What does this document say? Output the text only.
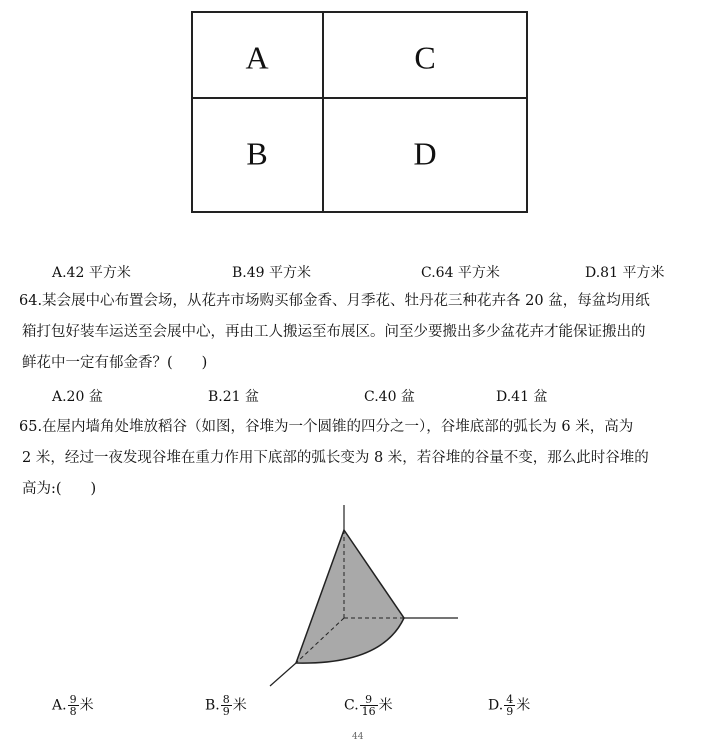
A	C
B	D
A.42 平方米	B.49 平方米	C.64 平方米	D.81 平方米
64.某会展中心布置会场，从花卉市场购买郁金香、月季花、牡丹花三种花卉各 20 盆，每盆均用纸
箱打包好装车运送至会展中心，再由工人搬运至布展区。问至少要搬出多少盆花卉才能保证搬出的
鲜花中一定有郁金香？(　　)
A.20 盆	B.21 盆	C.40 盆	D.41 盆
65.在屋内墙角处堆放稻谷（如图，谷堆为一个圆锥的四分之一），谷堆底部的弧长为 6 米，高为
2 米，经过一夜发现谷堆在重力作用下底部的弧长变为 8 米，若谷堆的谷量不变，那么此时谷堆的
高为:(　　)
A. $\frac{9}{8}$ 米	B. $\frac{8}{9}$ 米	C. $\frac{9}{16}$ 米	D. $\frac{4}{9}$ 米
44
